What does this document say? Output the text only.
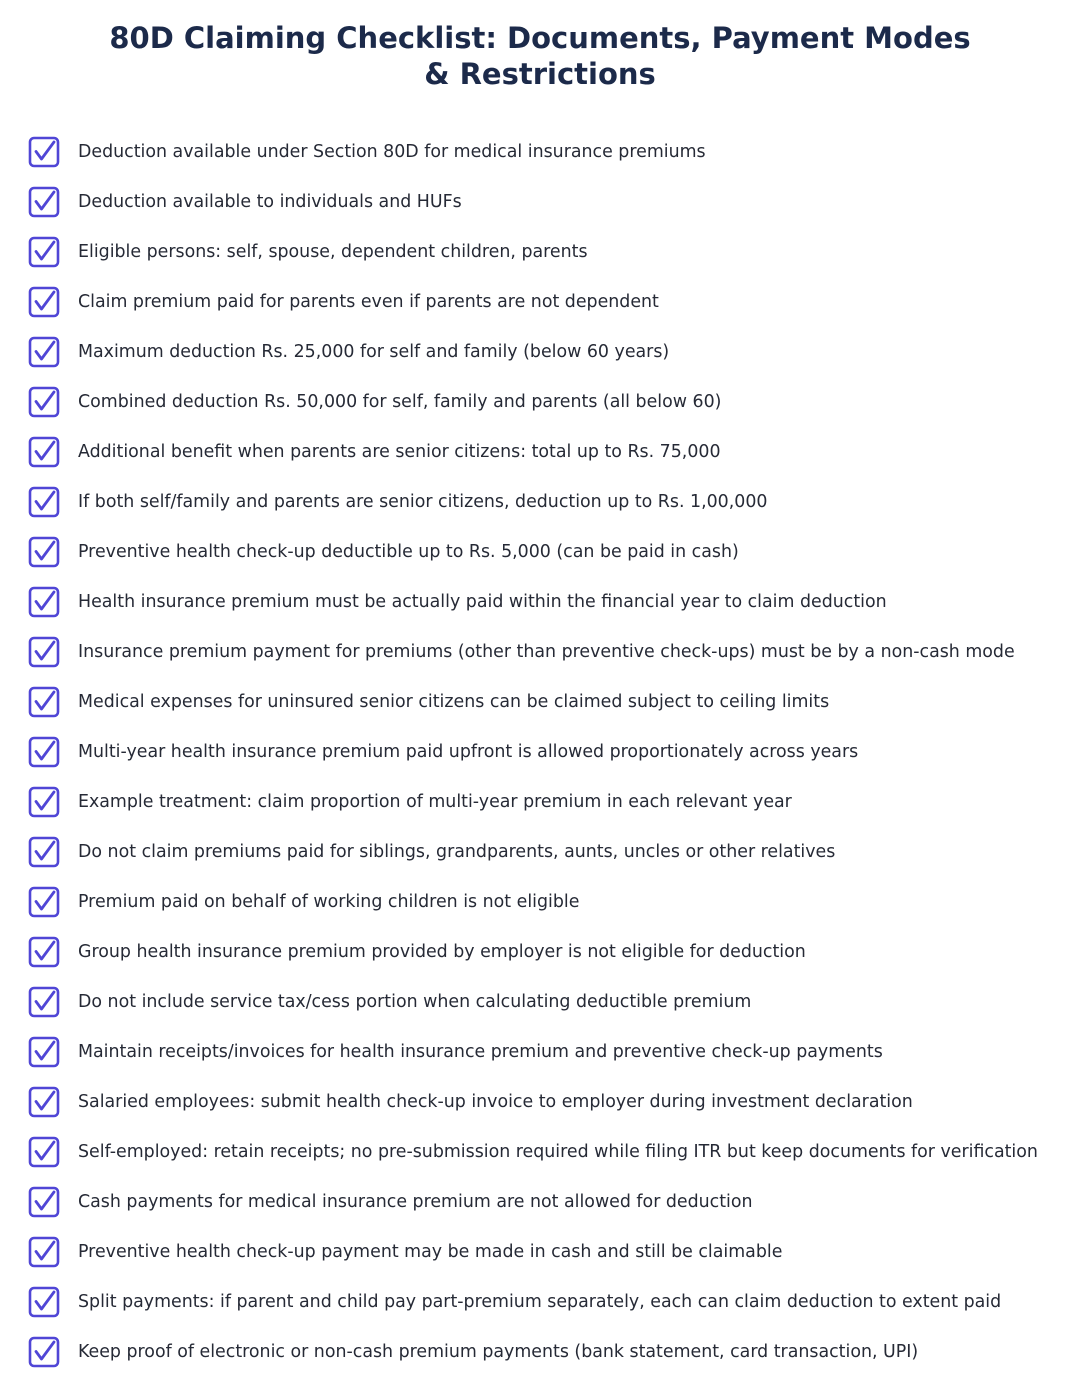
80D Claiming Checklist: Documents, Payment Modes
& Restrictions
Deduction available under Section 80D for medical insurance premiums
Deduction available to individuals and HUFs
Eligible persons: self, spouse, dependent children, parents
Claim premium paid for parents even if parents are not dependent
Maximum deduction Rs. 25,000 for self and family (below 60 years)
Combined deduction Rs. 50,000 for self, family and parents (all below 60)
Additional benefit when parents are senior citizens: total up to Rs. 75,000
If both self/family and parents are senior citizens, deduction up to Rs. 1,00,000
Preventive health check-up deductible up to Rs. 5,000 (can be paid in cash)
Health insurance premium must be actually paid within the financial year to claim deduction
Insurance premium payment for premiums (other than preventive check-ups) must be by a non-cash mode
Medical expenses for uninsured senior citizens can be claimed subject to ceiling limits
Multi-year health insurance premium paid upfront is allowed proportionately across years
Example treatment: claim proportion of multi-year premium in each relevant year
Do not claim premiums paid for siblings, grandparents, aunts, uncles or other relatives
Premium paid on behalf of working children is not eligible
Group health insurance premium provided by employer is not eligible for deduction
Do not include service tax/cess portion when calculating deductible premium
Maintain receipts/invoices for health insurance premium and preventive check-up payments
Salaried employees: submit health check-up invoice to employer during investment declaration
Self-employed: retain receipts; no pre-submission required while filing ITR but keep documents for verification
Cash payments for medical insurance premium are not allowed for deduction
Preventive health check-up payment may be made in cash and still be claimable
Split payments: if parent and child pay part-premium separately, each can claim deduction to extent paid
Keep proof of electronic or non-cash premium payments (bank statement, card transaction, UPI)
